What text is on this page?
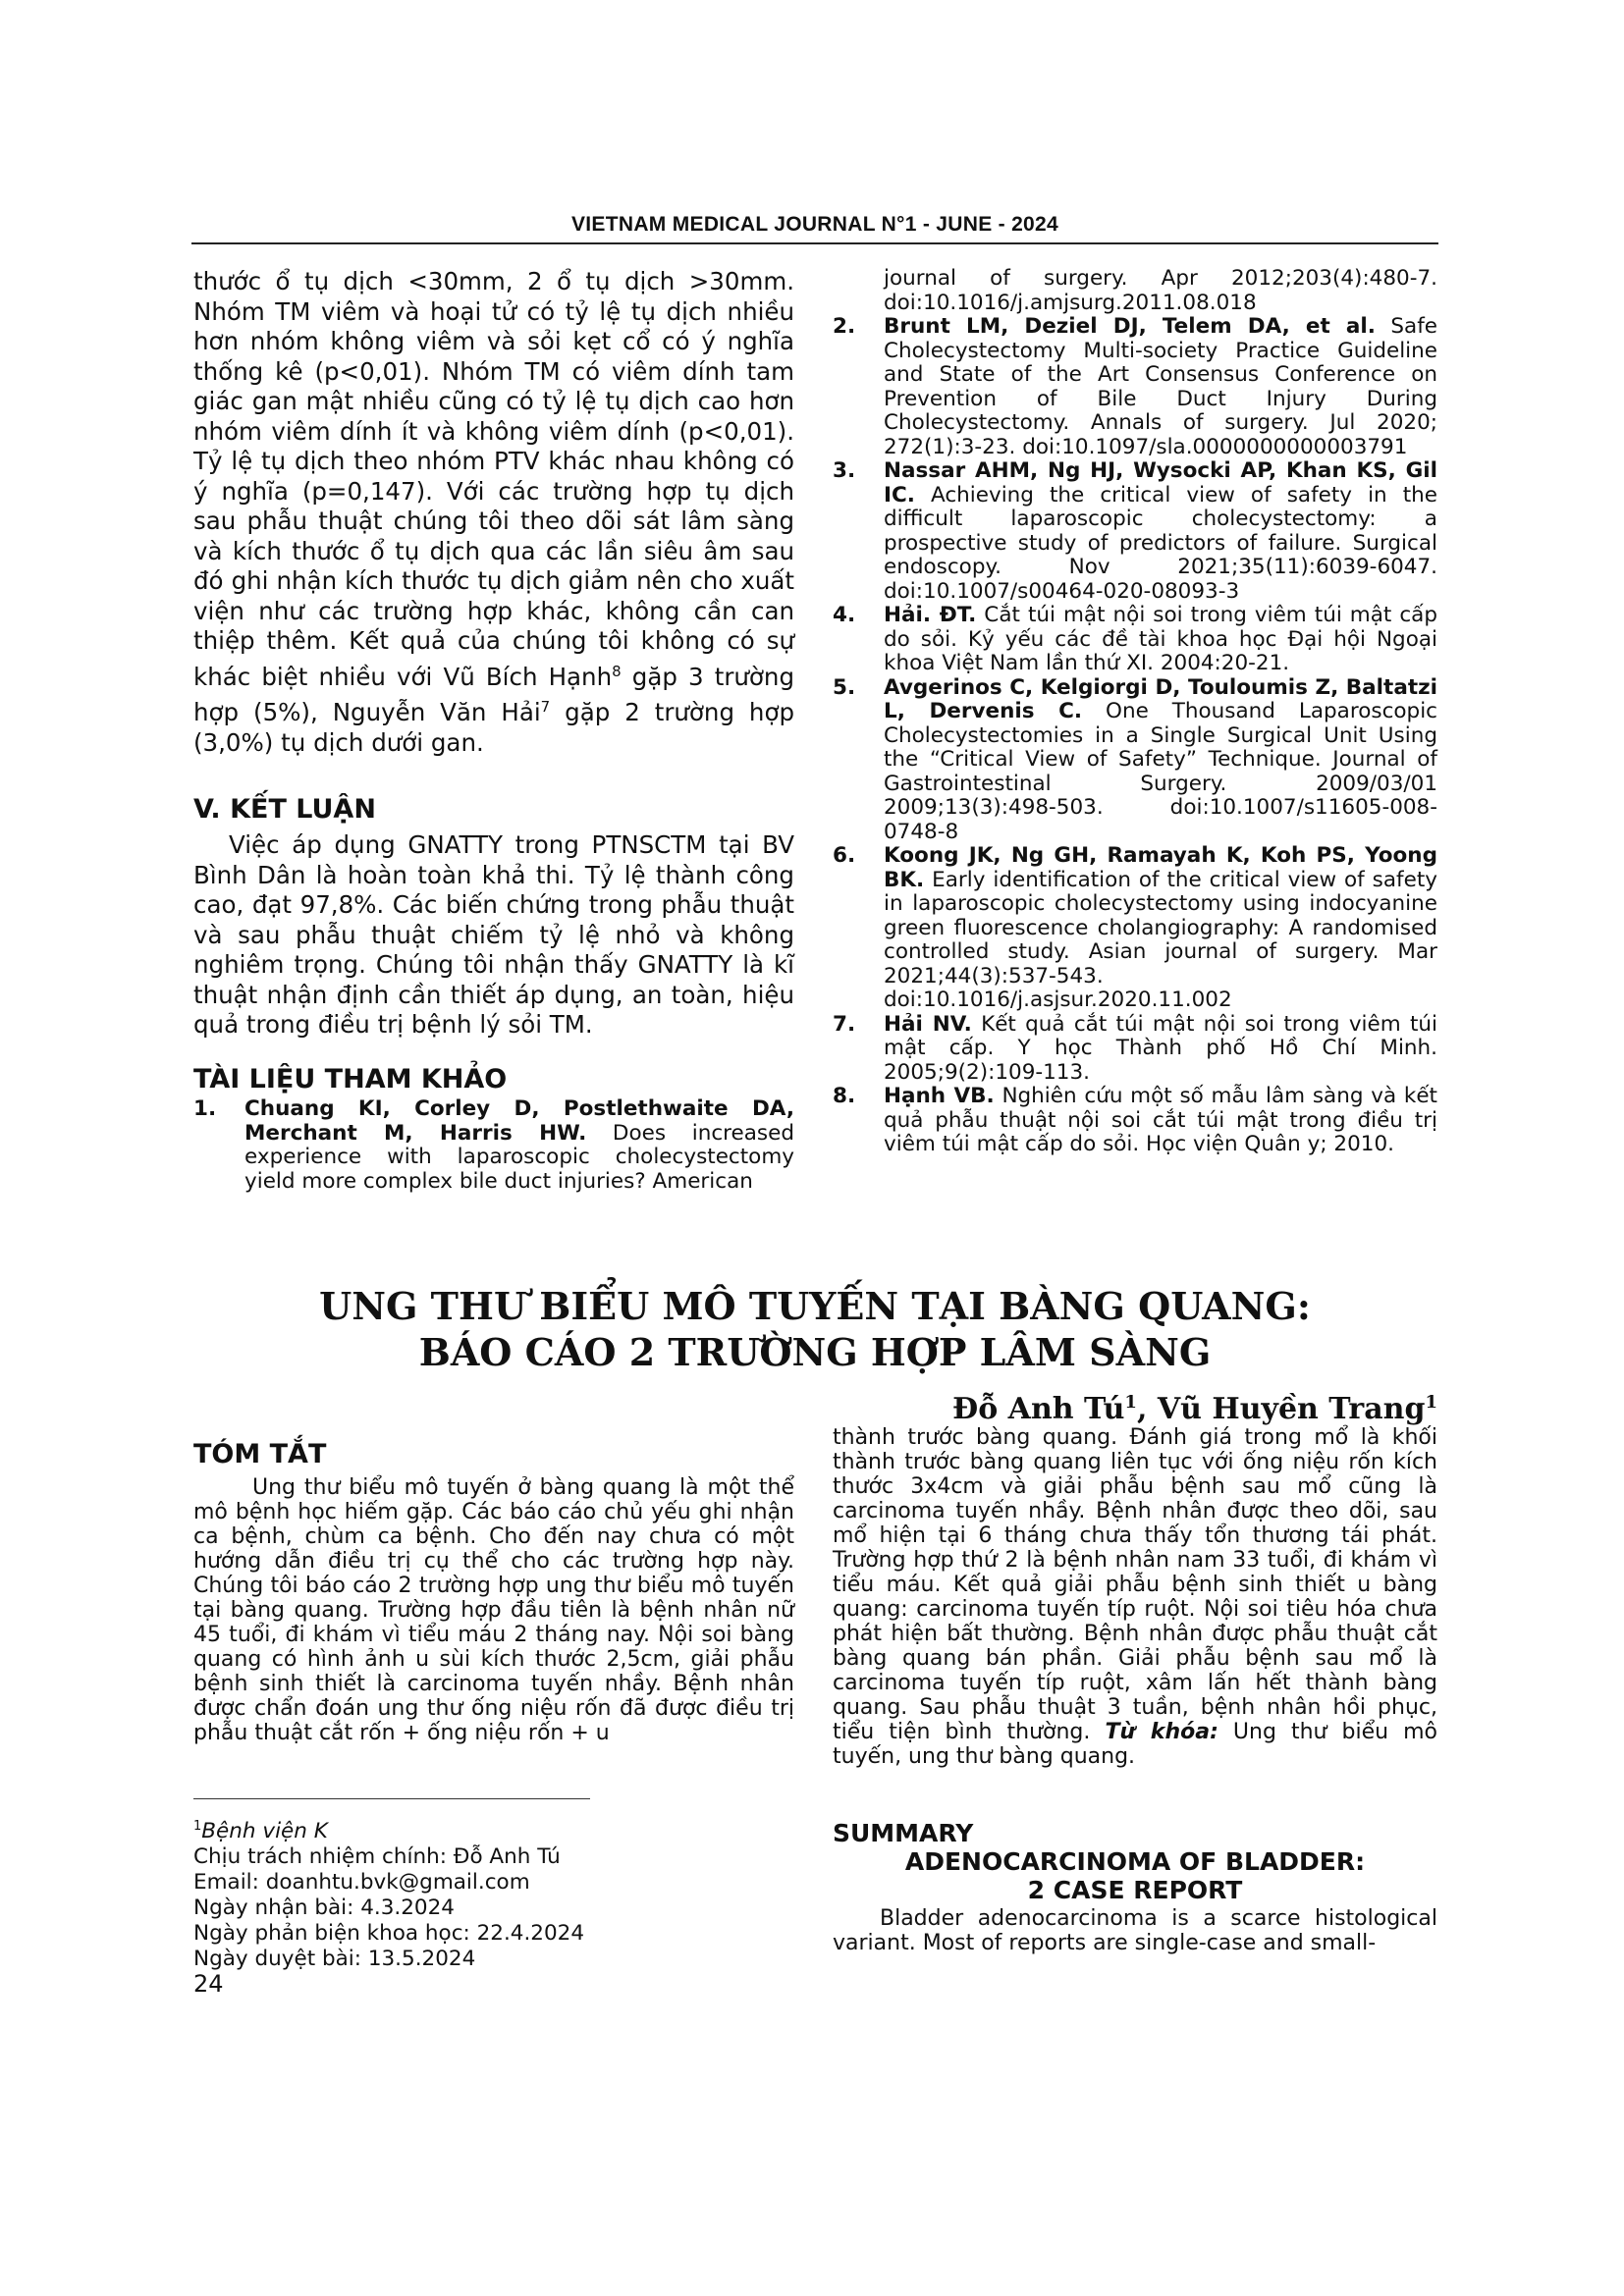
VIETNAM MEDICAL JOURNAL N°1 - JUNE - 2024
thước ổ tụ dịch <30mm, 2 ổ tụ dịch >30mm. Nhóm TM viêm và hoại tử có tỷ lệ tụ dịch nhiều hơn nhóm không viêm và sỏi kẹt cổ có ý nghĩa thống kê (p<0,01). Nhóm TM có viêm dính tam giác gan mật nhiều cũng có tỷ lệ tụ dịch cao hơn nhóm viêm dính ít và không viêm dính (p<0,01). Tỷ lệ tụ dịch theo nhóm PTV khác nhau không có ý nghĩa (p=0,147). Với các trường hợp tụ dịch sau phẫu thuật chúng tôi theo dõi sát lâm sàng và kích thước ổ tụ dịch qua các lần siêu âm sau đó ghi nhận kích thước tụ dịch giảm nên cho xuất viện như các trường hợp khác, không cần can thiệp thêm. Kết quả của chúng tôi không có sự khác biệt nhiều với Vũ Bích Hạnh$^8$ gặp 3 trường hợp (5%), Nguyễn Văn Hải$^7$ gặp 2 trường hợp (3,0%) tụ dịch dưới gan.
V. KẾT LUẬN
Việc áp dụng GNATTY trong PTNSCTM tại BV Bình Dân là hoàn toàn khả thi. Tỷ lệ thành công cao, đạt 97,8%. Các biến chứng trong phẫu thuật và sau phẫu thuật chiếm tỷ lệ nhỏ và không nghiêm trọng. Chúng tôi nhận thấy GNATTY là kĩ thuật nhận định cần thiết áp dụng, an toàn, hiệu quả trong điều trị bệnh lý sỏi TM.
TÀI LIỆU THAM KHẢO

1. Chuang KI, Corley D, Postlethwaite DA, Merchant M, Harris HW. Does increased experience with laparoscopic cholecystectomy yield more complex bile duct injuries? American

journal of surgery. Apr 2012;203(4):480-7. doi:10.1016/j.amjsurg.2011.08.018

2. Brunt LM, Deziel DJ, Telem DA, et al. Safe Cholecystectomy Multi-society Practice Guideline and State of the Art Consensus Conference on Prevention of Bile Duct Injury During Cholecystectomy. Annals of surgery. Jul 2020; 272(1):3-23. doi:10.1097/sla.0000000000003791

3. Nassar AHM, Ng HJ, Wysocki AP, Khan KS, Gil IC. Achieving the critical view of safety in the difficult laparoscopic cholecystectomy: a prospective study of predictors of failure. Surgical endoscopy. Nov 2021;35(11):6039-6047. doi:10.1007/s00464-020-08093-3

4. Hải. ĐT. Cắt túi mật nội soi trong viêm túi mật cấp do sỏi. Kỷ yếu các đề tài khoa học Đại hội Ngoại khoa Việt Nam lần thứ XI. 2004:20-21.

5. Avgerinos C, Kelgiorgi D, Touloumis Z, Baltatzi L, Dervenis C. One Thousand Laparoscopic Cholecystectomies in a Single Surgical Unit Using the “Critical View of Safety” Technique. Journal of Gastrointestinal Surgery. 2009/03/01 2009;13(3):498-503. doi:10.1007/s11605-008-0748-8

6. Koong JK, Ng GH, Ramayah K, Koh PS, Yoong BK. Early identification of the critical view of safety in laparoscopic cholecystectomy using indocyanine green fluorescence cholangiography: A randomised controlled study. Asian journal of surgery. Mar 2021;44(3):537-543. doi:10.1016/j.asjsur.2020.11.002

7. Hải NV. Kết quả cắt túi mật nội soi trong viêm túi mật cấp. Y học Thành phố Hồ Chí Minh. 2005;9(2):109-113.

8. Hạnh VB. Nghiên cứu một số mẫu lâm sàng và kết quả phẫu thuật nội soi cắt túi mật trong điều trị viêm túi mật cấp do sỏi. Học viện Quân y; 2010.

UNG THƯ BIỂU MÔ TUYẾN TẠI BÀNG QUANG:
BÁO CÁO 2 TRƯỜNG HỢP LÂM SÀNG
Đỗ Anh $Tú^1$, Vũ Huyền Trang$^1$
TÓM TẮT
Ung thư biểu mô tuyến ở bàng quang là một thể mô bệnh học hiếm gặp. Các báo cáo chủ yếu ghi nhận ca bệnh, chùm ca bệnh. Cho đến nay chưa có một hướng dẫn điều trị cụ thể cho các trường hợp này. Chúng tôi báo cáo 2 trường hợp ung thư biểu mô tuyến tại bàng quang. Trường hợp đầu tiên là bệnh nhân nữ 45 tuổi, đi khám vì tiểu máu 2 tháng nay. Nội soi bàng quang có hình ảnh u sùi kích thước 2,5cm, giải phẫu bệnh sinh thiết là carcinoma tuyến nhầy. Bệnh nhân được chẩn đoán ung thư ống niệu rốn đã được điều trị phẫu thuật cắt rốn + ống niệu rốn + u
thành trước bàng quang. Đánh giá trong mổ là khối thành trước bàng quang liên tục với ống niệu rốn kích thước 3x4cm và giải phẫu bệnh sau mổ cũng là carcinoma tuyến nhầy. Bệnh nhân được theo dõi, sau mổ hiện tại 6 tháng chưa thấy tổn thương tái phát. Trường hợp thứ 2 là bệnh nhân nam 33 tuổi, đi khám vì tiểu máu. Kết quả giải phẫu bệnh sinh thiết u bàng quang: carcinoma tuyến típ ruột. Nội soi tiêu hóa chưa phát hiện bất thường. Bệnh nhân được phẫu thuật cắt bàng quang bán phần. Giải phẫu bệnh sau mổ là carcinoma tuyến típ ruột, xâm lấn hết thành bàng quang. Sau phẫu thuật 3 tuần, bệnh nhân hồi phục, tiểu tiện bình thường. Từ khóa: Ung thư biểu mô tuyến, ung thư bàng quang.
$^1$Bệnh viện K
Chịu trách nhiệm chính: Đỗ Anh Tú
Email: doanhtu.bvk@gmail.com
Ngày nhận bài: 4.3.2024
Ngày phản biện khoa học: 22.4.2024
Ngày duyệt bài: 13.5.2024
SUMMARY
ADENOCARCINOMA OF BLADDER:
2 CASE REPORT
Bladder adenocarcinoma is a scarce histological variant. Most of reports are single-case and small-
24
